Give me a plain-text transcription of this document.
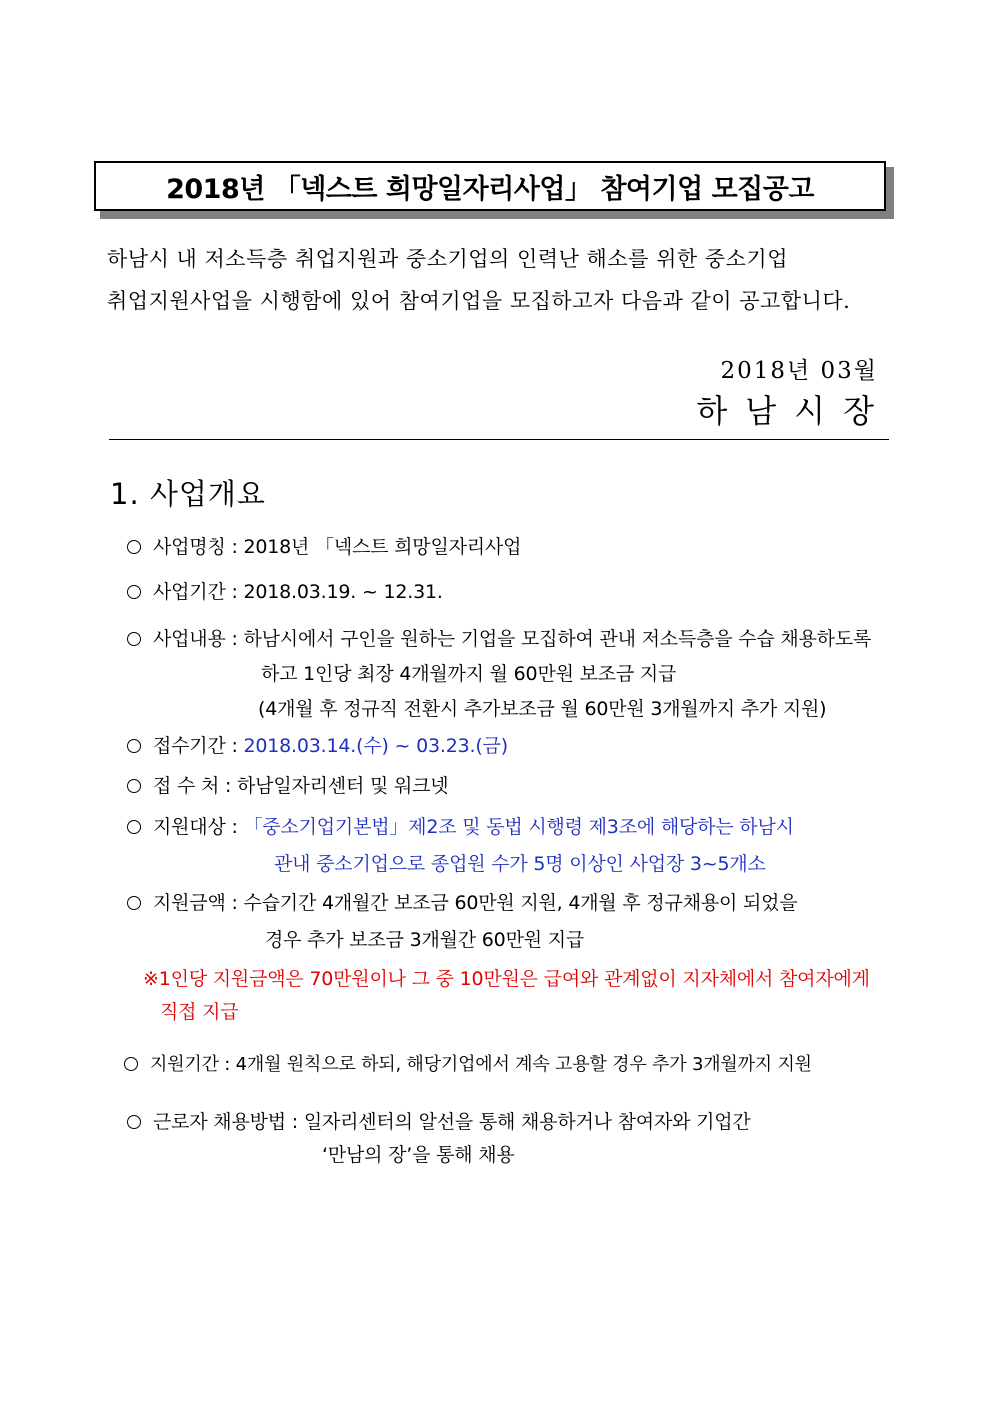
2018년 「넥스트 희망일자리사업」 참여기업 모집공고
하남시 내 저소득층 취업지원과 중소기업의 인력난 해소를 위한 중소기업
취업지원사업을 시행함에 있어 참여기업을 모집하고자 다음과 같이 공고합니다.
2018년 03월
하남시장
1. 사업개요
사업명칭 : 2018년 「넥스트 희망일자리사업
사업기간 : 2018.03.19. ~ 12.31.
사업내용 : 하남시에서 구인을 원하는 기업을 모집하여 관내 저소득층을 수습 채용하도록
하고 1인당 최장 4개월까지 월 60만원 보조금 지급
(4개월 후 정규직 전환시 추가보조금 월 60만원 3개월까지 추가 지원)
접수기간 : 2018.03.14.(수) ~ 03.23.(금)
접 수 처 : 하남일자리센터 및 워크넷
지원대상 : 「중소기업기본법」제2조 및 동법 시행령 제3조에 해당하는 하남시
관내 중소기업으로 종업원 수가 5명 이상인 사업장 3~5개소
지원금액 : 수습기간 4개월간 보조금 60만원 지원, 4개월 후 정규채용이 되었을
경우 추가 보조금 3개월간 60만원 지급
※1인당 지원금액은 70만원이나 그 중 10만원은 급여와 관계없이 지자체에서 참여자에게
직접 지급
지원기간 : 4개월 원칙으로 하되, 해당기업에서 계속 고용할 경우 추가 3개월까지 지원
근로자 채용방법 : 일자리센터의 알선을 통해 채용하거나 참여자와 기업간
‘만남의 장’을 통해 채용
